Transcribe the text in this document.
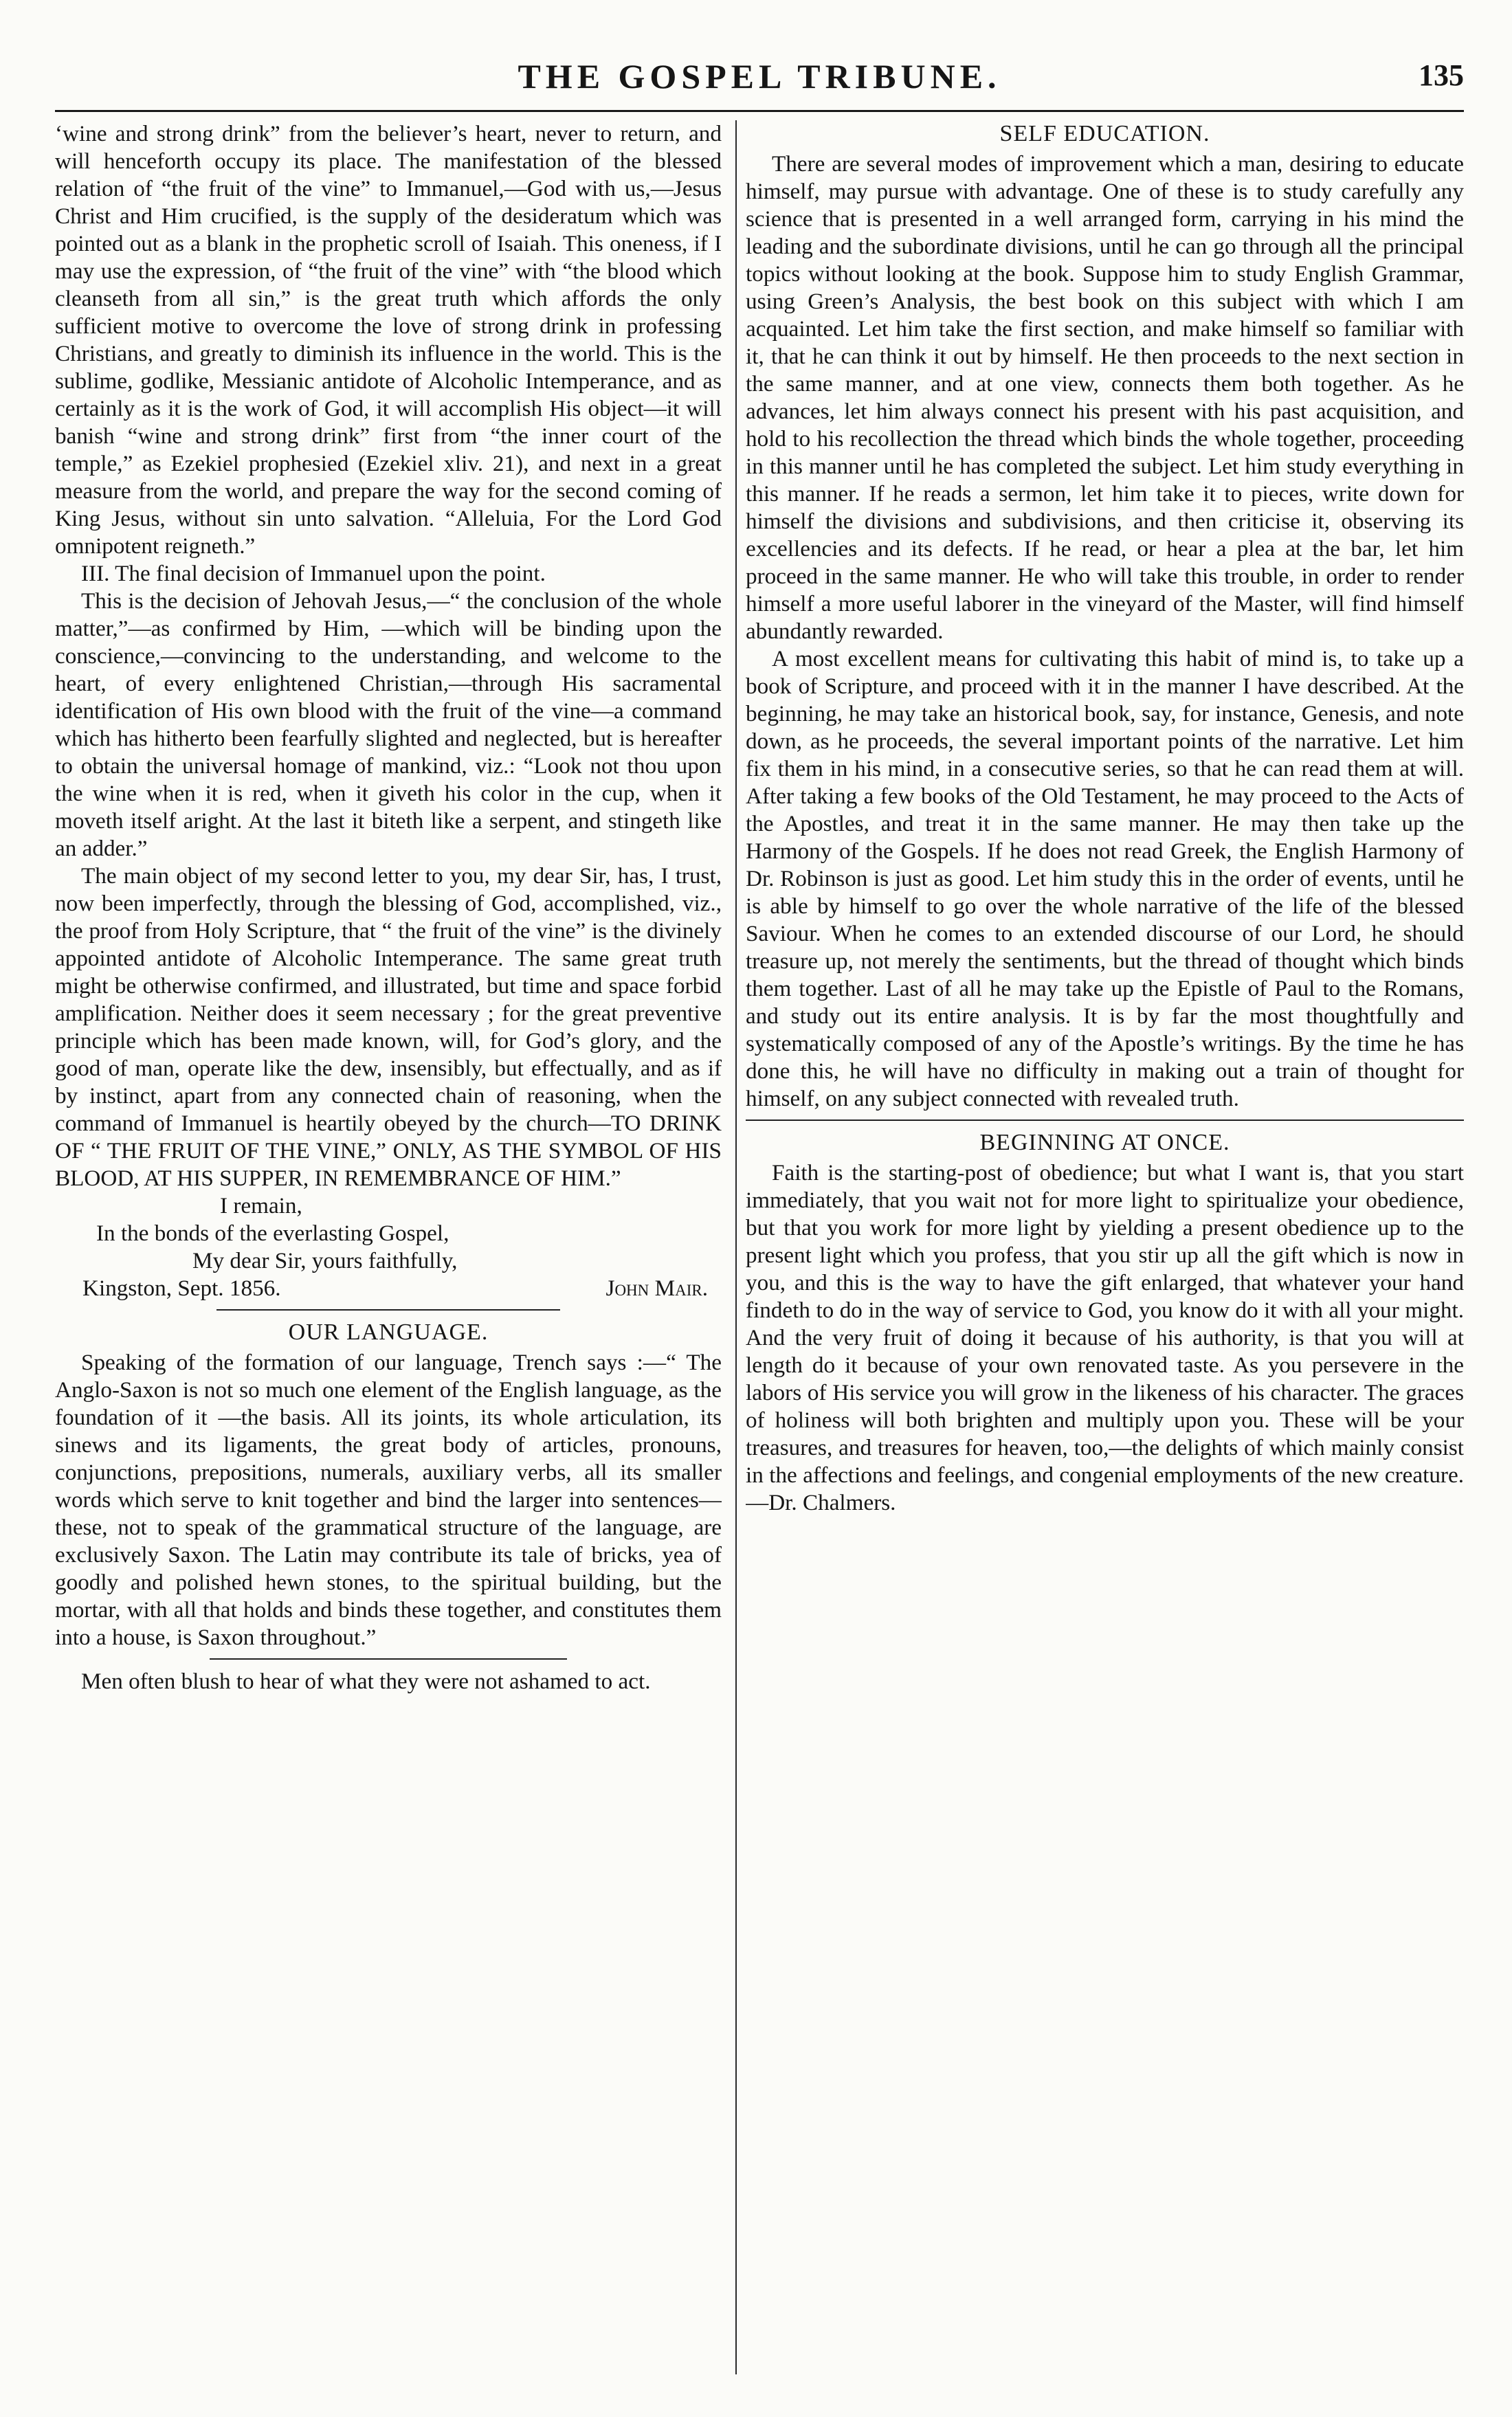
THE GOSPEL TRIBUNE.	135

‘wine and strong drink” from the believer’s heart, never to return, and will henceforth occupy its place. The manifestation of the blessed relation of “the fruit of the vine” to Immanuel,—God with us,—Jesus Christ and Him crucified, is the supply of the desideratum which was pointed out as a blank in the prophetic scroll of Isaiah. This oneness, if I may use the expression, of “the fruit of the vine” with “the blood which cleanseth from all sin,” is the great truth which affords the only sufficient motive to overcome the love of strong drink in professing Christians, and greatly to diminish its influence in the world. This is the sublime, godlike, Messianic antidote of Alcoholic Intemperance, and as certainly as it is the work of God, it will accomplish His object—it will banish “wine and strong drink” first from “the inner court of the temple,” as Ezekiel prophesied (Ezekiel xliv. 21), and next in a great measure from the world, and prepare the way for the second coming of King Jesus, without sin unto salvation. “Alleluia, For the Lord God omnipotent reigneth.”

III. The final decision of Immanuel upon the point.

This is the decision of Jehovah Jesus,—“ the conclusion of the whole matter,”—as confirmed by Him, —which will be binding upon the conscience,—convincing to the understanding, and welcome to the heart, of every enlightened Christian,—through His sacramental identification of His own blood with the fruit of the vine—a command which has hitherto been fearfully slighted and neglected, but is hereafter to obtain the universal homage of mankind, viz.: “Look not thou upon the wine when it is red, when it giveth his color in the cup, when it moveth itself aright. At the last it biteth like a serpent, and stingeth like an adder.”

The main object of my second letter to you, my dear Sir, has, I trust, now been imperfectly, through the blessing of God, accomplished, viz., the proof from Holy Scripture, that “ the fruit of the vine” is the divinely appointed antidote of Alcoholic Intemperance. The same great truth might be otherwise confirmed, and illustrated, but time and space forbid amplification. Neither does it seem necessary ; for the great preventive principle which has been made known, will, for God’s glory, and the good of man, operate like the dew, insensibly, but effectually, and as if by instinct, apart from any connected chain of reasoning, when the command of Immanuel is heartily obeyed by the church—TO DRINK OF “ THE FRUIT OF THE VINE,” ONLY, AS THE SYMBOL OF HIS BLOOD, AT HIS SUPPER, IN REMEMBRANCE OF HIM.”

I remain,

In the bonds of the everlasting Gospel,

My dear Sir, yours faithfully,

Kingston, Sept. 1856.	John Mair.
OUR LANGUAGE.

Speaking of the formation of our language, Trench says :—“ The Anglo-Saxon is not so much one element of the English language, as the foundation of it —the basis. All its joints, its whole articulation, its sinews and its ligaments, the great body of articles, pronouns, conjunctions, prepositions, numerals, auxiliary verbs, all its smaller words which serve to knit together and bind the larger into sentences—these, not to speak of the grammatical structure of the language, are exclusively Saxon. The Latin may contribute its tale of bricks, yea of goodly and polished hewn stones, to the spiritual building, but the mortar, with all that holds and binds these together, and constitutes them into a house, is Saxon throughout.”

Men often blush to hear of what they were not ashamed to act.

SELF EDUCATION.

There are several modes of improvement which a man, desiring to educate himself, may pursue with advantage. One of these is to study carefully any science that is presented in a well arranged form, carrying in his mind the leading and the subordinate divisions, until he can go through all the principal topics without looking at the book. Suppose him to study English Grammar, using Green’s Analysis, the best book on this subject with which I am acquainted. Let him take the first section, and make himself so familiar with it, that he can think it out by himself. He then proceeds to the next section in the same manner, and at one view, connects them both together. As he advances, let him always connect his present with his past acquisition, and hold to his recollection the thread which binds the whole together, proceeding in this manner until he has completed the subject. Let him study everything in this manner. If he reads a sermon, let him take it to pieces, write down for himself the divisions and subdivisions, and then criticise it, observing its excellencies and its defects. If he read, or hear a plea at the bar, let him proceed in the same manner. He who will take this trouble, in order to render himself a more useful laborer in the vineyard of the Master, will find himself abundantly rewarded.

A most excellent means for cultivating this habit of mind is, to take up a book of Scripture, and proceed with it in the manner I have described. At the beginning, he may take an historical book, say, for instance, Genesis, and note down, as he proceeds, the several important points of the narrative. Let him fix them in his mind, in a consecutive series, so that he can read them at will. After taking a few books of the Old Testament, he may proceed to the Acts of the Apostles, and treat it in the same manner. He may then take up the Harmony of the Gospels. If he does not read Greek, the English Harmony of Dr. Robinson is just as good. Let him study this in the order of events, until he is able by himself to go over the whole narrative of the life of the blessed Saviour. When he comes to an extended discourse of our Lord, he should treasure up, not merely the sentiments, but the thread of thought which binds them together. Last of all he may take up the Epistle of Paul to the Romans, and study out its entire analysis. It is by far the most thoughtfully and systematically composed of any of the Apostle’s writings. By the time he has done this, he will have no difficulty in making out a train of thought for himself, on any subject connected with revealed truth.

BEGINNING AT ONCE.

Faith is the starting-post of obedience; but what I want is, that you start immediately, that you wait not for more light to spiritualize your obedience, but that you work for more light by yielding a present obedience up to the present light which you profess, that you stir up all the gift which is now in you, and this is the way to have the gift enlarged, that whatever your hand findeth to do in the way of service to God, you know do it with all your might. And the very fruit of doing it because of his authority, is that you will at length do it because of your own renovated taste. As you persevere in the labors of His service you will grow in the likeness of his character. The graces of holiness will both brighten and multiply upon you. These will be your treasures, and treasures for heaven, too,—the delights of which mainly consist in the affections and feelings, and congenial employments of the new creature.—Dr. Chalmers.
